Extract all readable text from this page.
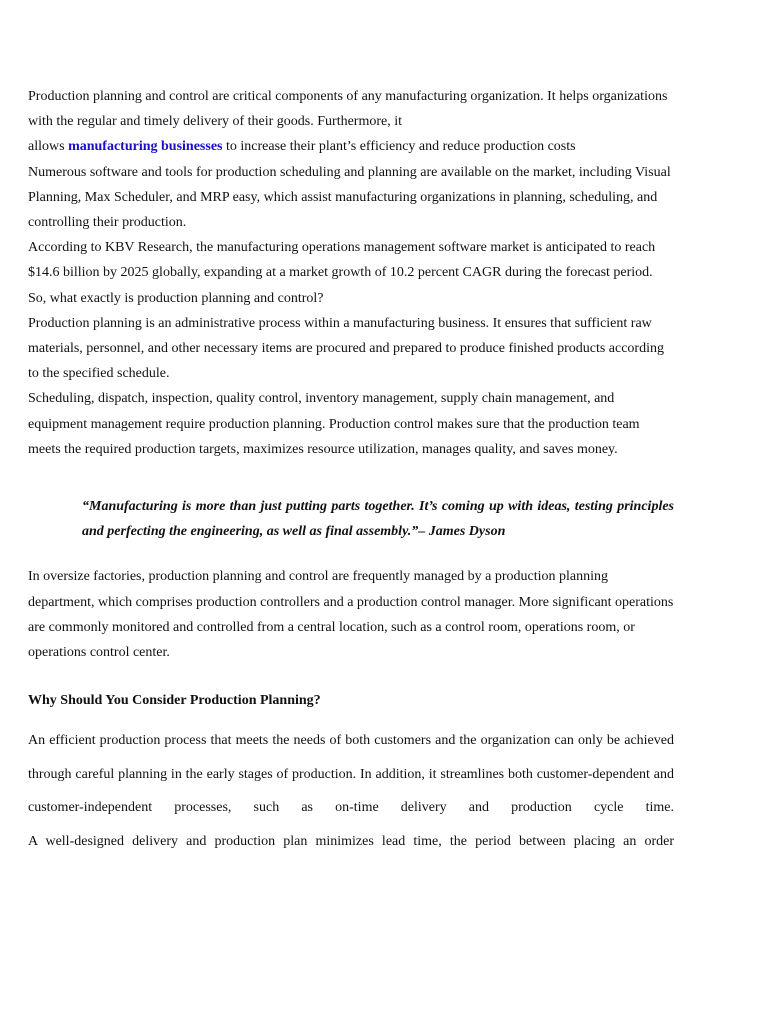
Production planning and control are critical components of any manufacturing organization. It helps organizations with the regular and timely delivery of their goods. Furthermore, it

allows manufacturing businesses to increase their plant’s efficiency and reduce production costs

Numerous software and tools for production scheduling and planning are available on the market, including Visual Planning, Max Scheduler, and MRP easy, which assist manufacturing organizations in planning, scheduling, and controlling their production.

According to KBV Research, the manufacturing operations management software market is anticipated to reach $14.6 billion by 2025 globally, expanding at a market growth of 10.2 percent CAGR during the forecast period.

So, what exactly is production planning and control?

Production planning is an administrative process within a manufacturing business. It ensures that sufficient raw materials, personnel, and other necessary items are procured and prepared to produce finished products according to the specified schedule.

Scheduling, dispatch, inspection, quality control, inventory management, supply chain management, and equipment management require production planning. Production control makes sure that the production team meets the required production targets, maximizes resource utilization, manages quality, and saves money.

“Manufacturing is more than just putting parts together. It’s coming up with ideas, testing principles and perfecting the engineering, as well as final assembly.”– James Dyson

In oversize factories, production planning and control are frequently managed by a production planning department, which comprises production controllers and a production control manager. More significant operations are commonly monitored and controlled from a central location, such as a control room, operations room, or operations control center.

Why Should You Consider Production Planning?

An efficient production process that meets the needs of both customers and the organization can only be achieved through careful planning in the early stages of production. In addition, it streamlines both customer-dependent and customer-independent processes, such as on-time delivery and production cycle time.

A well-designed delivery and production plan minimizes lead time, the period between placing an order
